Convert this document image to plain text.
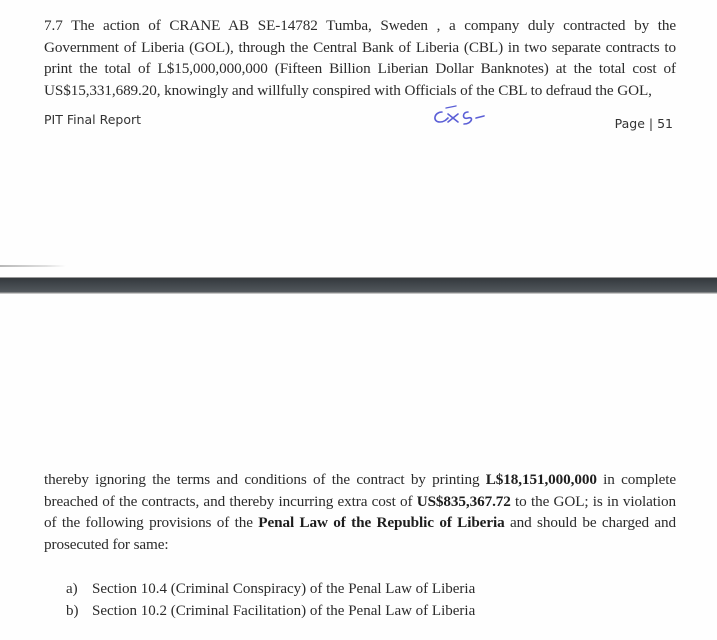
7.7 The action of CRANE AB SE-14782 Tumba, Sweden , a company duly contracted by the Government of Liberia (GOL), through the Central Bank of Liberia (CBL) in two separate contracts to print the total of L$15,000,000,000 (Fifteen Billion Liberian Dollar Banknotes) at the total cost of US$15,331,689.20, knowingly and willfully conspired with Officials of the CBL to defraud the GOL,

PIT Final Report	Page | 51

thereby ignoring the terms and conditions of the contract by printing L$18,151,000,000 in complete breached of the contracts, and thereby incurring extra cost of US$835,367.72 to the GOL; is in violation of the following provisions of the Penal Law of the Republic of Liberia and should be charged and prosecuted for same:

a) Section 10.4 (Criminal Conspiracy) of the Penal Law of Liberia
b) Section 10.2 (Criminal Facilitation) of the Penal Law of Liberia
